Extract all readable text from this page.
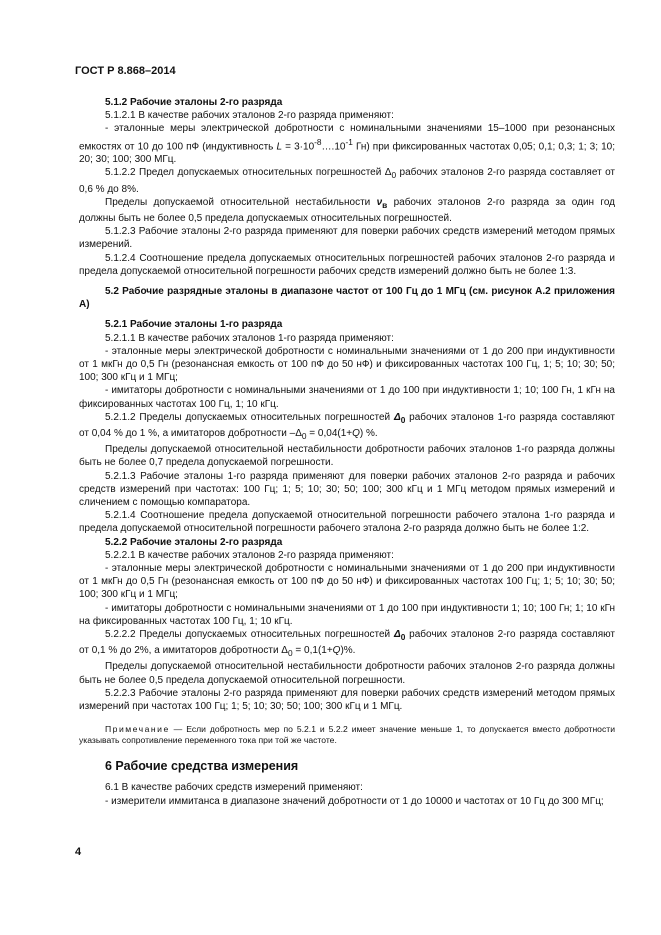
ГОСТ Р 8.868–2014

5.1.2 Рабочие эталоны 2-го разряда

5.1.2.1 В качестве рабочих эталонов 2-го разряда применяют:

- эталонные меры электрической добротности с номинальными значениями 15–1000 при резонансных емкостях от 10 до 100 пФ (индуктивность $L = 3\cdot 10^{-8}\dots.10^{-1}$ Гн) при фиксированных частотах 0,05; 0,1; 0,3; 1; 3; 10; 20; 30; 100; 300 МГц.

5.1.2.2 Предел допускаемых относительных погрешностей $\Delta_0$ рабочих эталонов 2-го разряда составляет от 0,6 % до 8%.

Пределы допускаемой относительной нестабильности $\nu_в$ рабочих эталонов 2-го разряда за один год должны быть не более 0,5 предела допускаемых относительных погрешностей.

5.1.2.3 Рабочие эталоны 2-го разряда применяют для поверки рабочих средств измерений методом прямых измерений.

5.1.2.4 Соотношение предела допускаемых относительных погрешностей рабочих эталонов 2-го разряда и предела допускаемой относительной погрешности рабочих средств измерений должно быть не более 1:3.

5.2 Рабочие разрядные эталоны в диапазоне частот от 100 Гц до 1 МГц (см. рисунок А.2 приложения А)

5.2.1 Рабочие эталоны 1-го разряда

5.2.1.1 В качестве рабочих эталонов 1-го разряда применяют:

- эталонные меры электрической добротности с номинальными значениями от 1 до 200 при индуктивности от 1 мкГн до 0,5 Гн (резонансная емкость от 100 пФ до 50 нФ) и фиксированных частотах 100 Гц, 1; 5; 10; 30; 50; 100; 300 кГц и 1 МГц;

- имитаторы добротности с номинальными значениями от 1 до 100 при индуктивности 1; 10; 100 Гн, 1 кГн на фиксированных частотах 100 Гц, 1; 10 кГц.

5.2.1.2 Пределы допускаемых относительных погрешностей $\Delta_0$ рабочих эталонов 1-го разряда составляют от 0,04 % до 1 %, а имитаторов добротности $-\Delta_0 = 0,04(1+Q)$ %.

Пределы допускаемой относительной нестабильности добротности рабочих эталонов 1-го разряда должны быть не более 0,7 предела допускаемой погрешности.

5.2.1.3 Рабочие эталоны 1-го разряда применяют для поверки рабочих эталонов 2-го разряда и рабочих средств измерений при частотах: 100 Гц; 1; 5; 10; 30; 50; 100; 300 кГц и 1 МГц методом прямых измерений и сличением с помощью компаратора.

5.2.1.4 Соотношение предела допускаемой относительной погрешности рабочего эталона 1-го разряда и предела допускаемой относительной погрешности рабочего эталона 2-го разряда должно быть не более 1:2.

5.2.2 Рабочие эталоны 2-го разряда

5.2.2.1 В качестве рабочих эталонов 2-го разряда применяют:

- эталонные меры электрической добротности с номинальными значениями от 1 до 200 при индуктивности от 1 мкГн до 0,5 Гн (резонансная емкость от 100 пФ до 50 нФ) и фиксированных частотах 100 Гц; 1; 5; 10; 30; 50; 100; 300 кГц и 1 МГц;

- имитаторы добротности с номинальными значениями от 1 до 100 при индуктивности 1; 10; 100 Гн; 1; 10 кГн на фиксированных частотах 100 Гц, 1; 10 кГц.

5.2.2.2 Пределы допускаемых относительных погрешностей $\Delta_0$ рабочих эталонов 2-го разряда составляют от 0,1 % до 2%, а имитаторов добротности $\Delta_0 = 0,1(1+Q)\%$.

Пределы допускаемой относительной нестабильности добротности рабочих эталонов 2-го разряда должны быть не более 0,5 предела допускаемой относительной погрешности.

5.2.2.3 Рабочие эталоны 2-го разряда применяют для поверки рабочих средств измерений методом прямых измерений при частотах 100 Гц; 1; 5; 10; 30; 50; 100; 300 кГц и 1 МГц.

Примечание — Если добротность мер по 5.2.1 и 5.2.2 имеет значение меньше 1, то допускается вместо добротности указывать сопротивление переменного тока при той же частоте.

6 Рабочие средства измерения

6.1 В качестве рабочих средств измерений применяют:

- измерители иммитанса в диапазоне значений добротности от 1 до 10000 и частотах от 10 Гц до 300 МГц;

4
